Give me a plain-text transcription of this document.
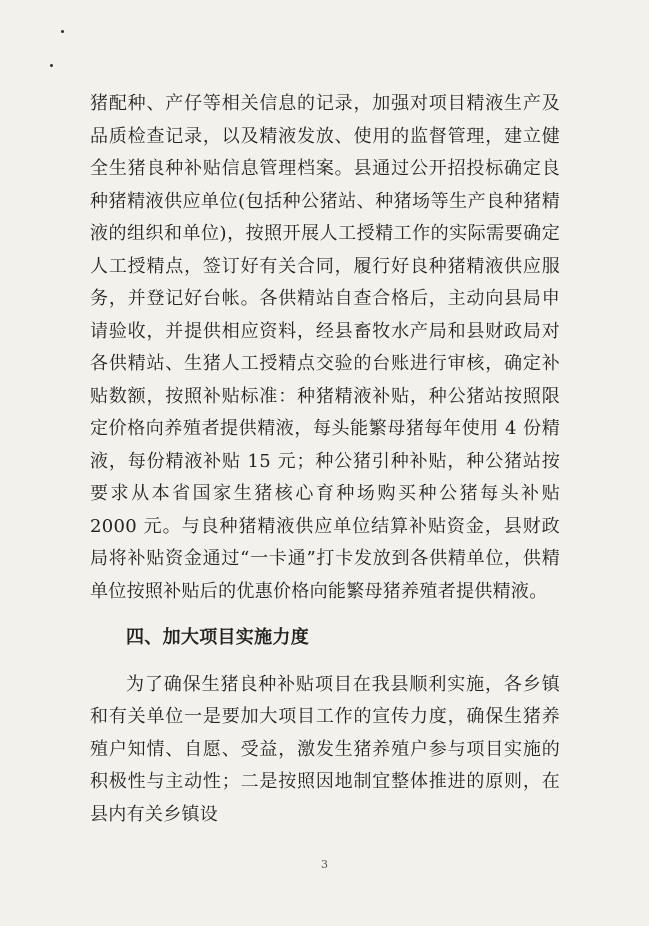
猪配种、产仔等相关信息的记录，加强对项目精液生产及品质检查记录，以及精液发放、使用的监督管理，建立健全生猪良种补贴信息管理档案。县通过公开招投标确定良种猪精液供应单位(包括种公猪站、种猪场等生产良种猪精液的组织和单位)，按照开展人工授精工作的实际需要确定人工授精点，签订好有关合同，履行好良种猪精液供应服务，并登记好台帐。各供精站自查合格后，主动向县局申请验收，并提供相应资料，经县畜牧水产局和县财政局对各供精站、生猪人工授精点交验的台账进行审核，确定补贴数额，按照补贴标准：种猪精液补贴，种公猪站按照限定价格向养殖者提供精液，每头能繁母猪每年使用 4 份精液，每份精液补贴 15 元；种公猪引种补贴，种公猪站按要求从本省国家生猪核心育种场购买种公猪每头补贴 2000 元。与良种猪精液供应单位结算补贴资金，县财政局将补贴资金通过“一卡通”打卡发放到各供精单位，供精单位按照补贴后的优惠价格向能繁母猪养殖者提供精液。

四、加大项目实施力度

为了确保生猪良种补贴项目在我县顺利实施，各乡镇和有关单位一是要加大项目工作的宣传力度，确保生猪养殖户知情、自愿、受益，激发生猪养殖户参与项目实施的积极性与主动性；二是按照因地制宜整体推进的原则，在县内有关乡镇设

3
